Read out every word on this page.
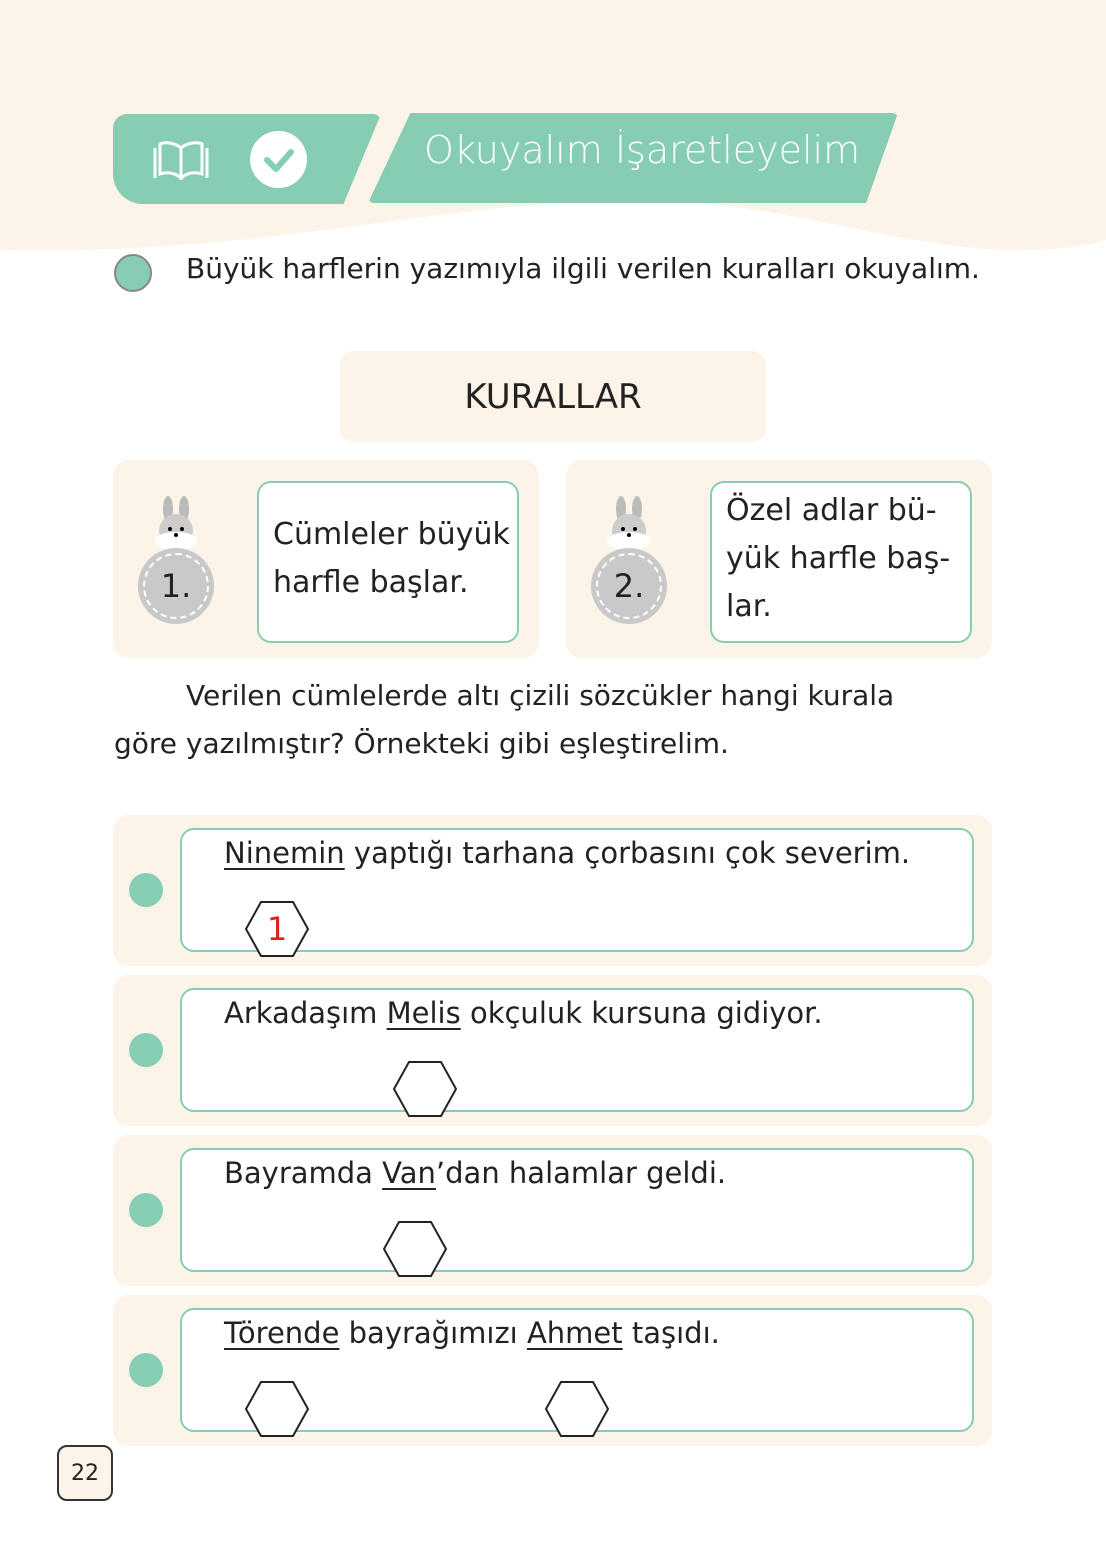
Okuyalım İşaretleyelim
Büyük harflerin yazımıyla ilgili verilen kuralları okuyalım.
KURALLAR
1.
Cümleler büyük harfle başlar.	2.
Özel adlar bü- yük harfle baş- lar.
Verilen cümlelerde altı çizili sözcükler hangi kurala göre yazılmıştır? Örnekteki gibi eşleştirelim.
Ninemin yaptığı tarhana çorbasını çok severim.
1
Arkadaşım Melis okçuluk kursuna gidiyor.
Bayramda Van’dan halamlar geldi.
Törende bayrağımızı Ahmet taşıdı.
22
